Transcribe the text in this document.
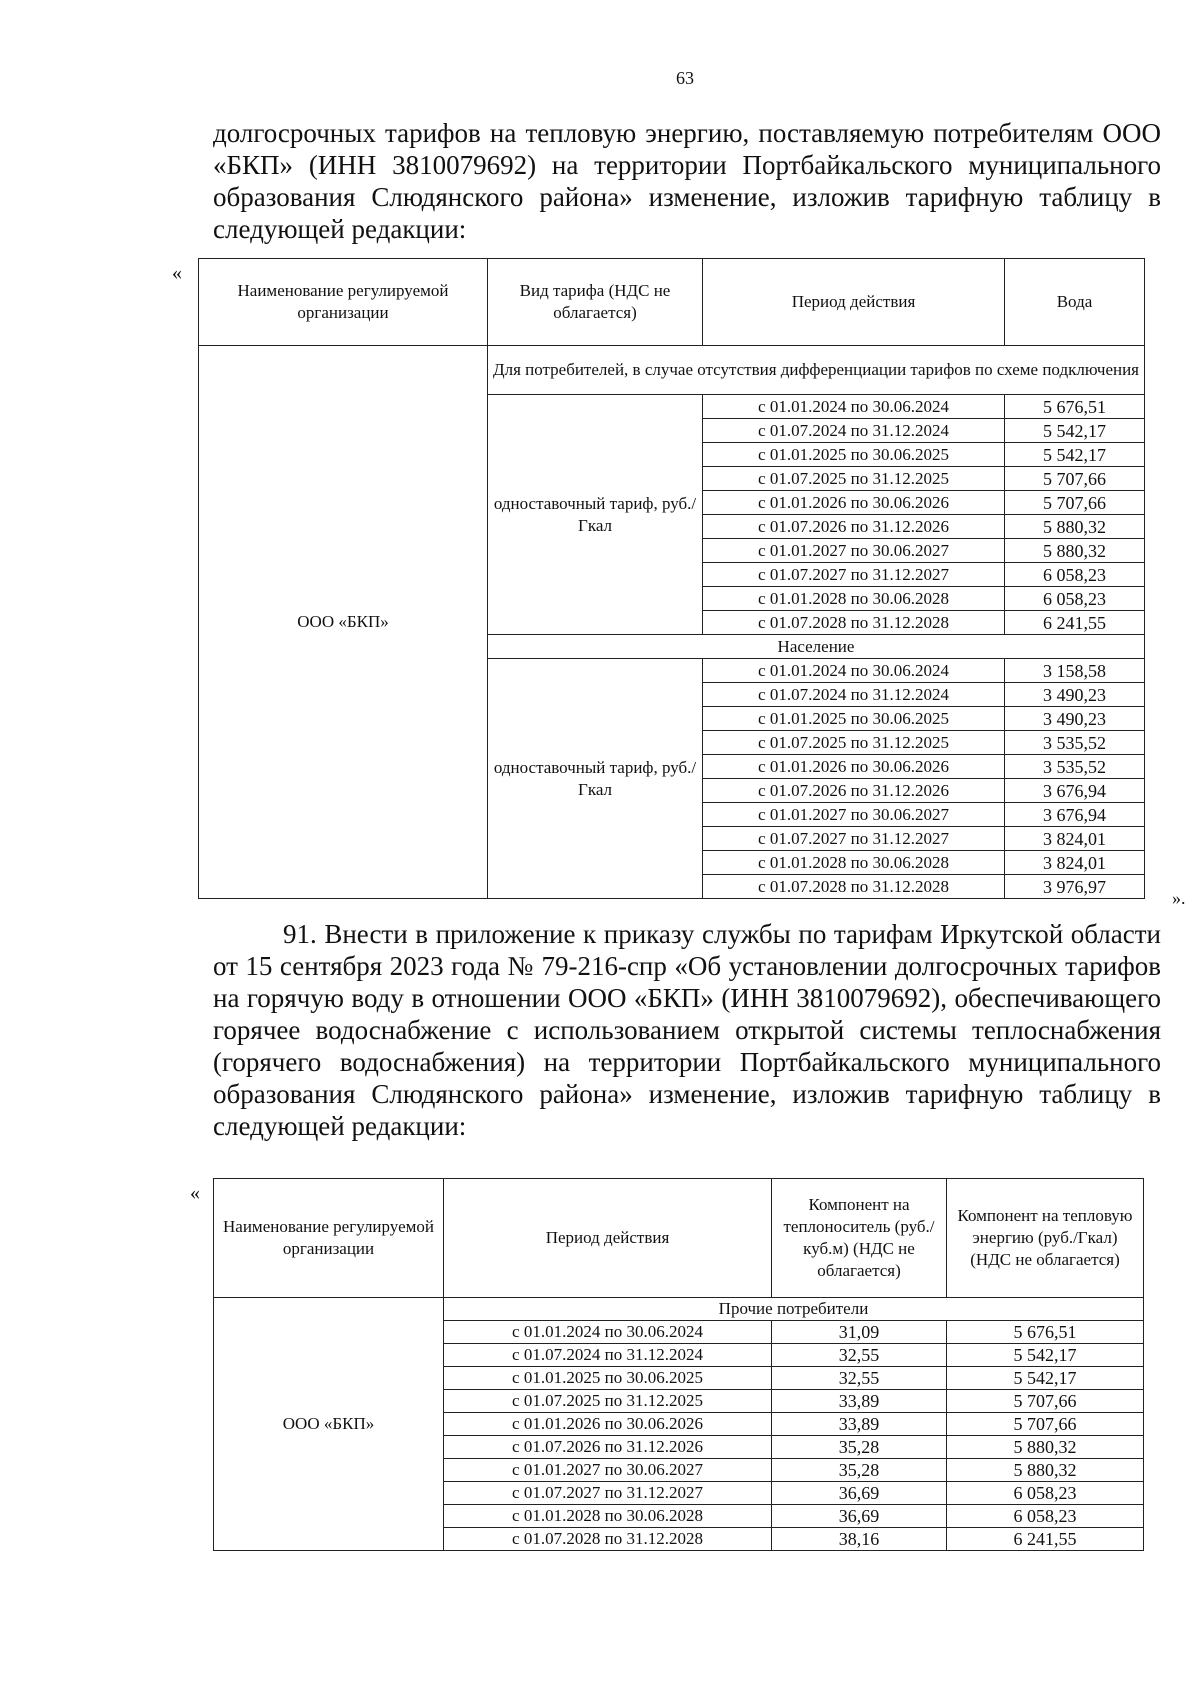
63

долгосрочных тарифов на тепловую энергию, поставляемую потребителям ООО «БКП» (ИНН 3810079692) на территории Портбайкальского муниципального образования Слюдянского района» изменение, изложив тарифную таблицу в следующей редакции:

«
Наименование регулируемой организации	Вид тарифа (НДС не облагается)	Период действия	Вода
ООО «БКП»	Для потребителей, в случае отсутствия дифференциации тарифов по схеме подключения		
	одноставочный тариф, руб./Гкал	с 01.01.2024 по 30.06.2024	5 676,51
		с 01.07.2024 по 31.12.2024	5 542,17
		с 01.01.2025 по 30.06.2025	5 542,17
		с 01.07.2025 по 31.12.2025	5 707,66
		с 01.01.2026 по 30.06.2026	5 707,66
		с 01.07.2026 по 31.12.2026	5 880,32
		с 01.01.2027 по 30.06.2027	5 880,32
		с 01.07.2027 по 31.12.2027	6 058,23
		с 01.01.2028 по 30.06.2028	6 058,23
		с 01.07.2028 по 31.12.2028	6 241,55
	Население		
	одноставочный тариф, руб./Гкал	с 01.01.2024 по 30.06.2024	3 158,58
		с 01.07.2024 по 31.12.2024	3 490,23
		с 01.01.2025 по 30.06.2025	3 490,23
		с 01.07.2025 по 31.12.2025	3 535,52
		с 01.01.2026 по 30.06.2026	3 535,52
		с 01.07.2026 по 31.12.2026	3 676,94
		с 01.01.2027 по 30.06.2027	3 676,94
		с 01.07.2027 по 31.12.2027	3 824,01
		с 01.01.2028 по 30.06.2028	3 824,01
		с 01.07.2028 по 31.12.2028	3 976,97
».

91. Внести в приложение к приказу службы по тарифам Иркутской области от 15 сентября 2023 года № 79-216-спр «Об установлении долгосрочных тарифов на горячую воду в отношении ООО «БКП» (ИНН 3810079692), обеспечивающего горячее водоснабжение с использованием открытой системы теплоснабжения (горячего водоснабжения) на территории Портбайкальского муниципального образования Слюдянского района» изменение, изложив тарифную таблицу в следующей редакции:

«
Наименование регулируемой организации	Период действия	Компонент на теплоноситель (руб./куб.м) (НДС не облагается)	Компонент на тепловую энергию (руб./Гкал) (НДС не облагается)
ООО «БКП»	Прочие потребители		
	с 01.01.2024 по 30.06.2024	31,09	5 676,51
	с 01.07.2024 по 31.12.2024	32,55	5 542,17
	с 01.01.2025 по 30.06.2025	32,55	5 542,17
	с 01.07.2025 по 31.12.2025	33,89	5 707,66
	с 01.01.2026 по 30.06.2026	33,89	5 707,66
	с 01.07.2026 по 31.12.2026	35,28	5 880,32
	с 01.01.2027 по 30.06.2027	35,28	5 880,32
	с 01.07.2027 по 31.12.2027	36,69	6 058,23
	с 01.01.2028 по 30.06.2028	36,69	6 058,23
	с 01.07.2028 по 31.12.2028	38,16	6 241,55
